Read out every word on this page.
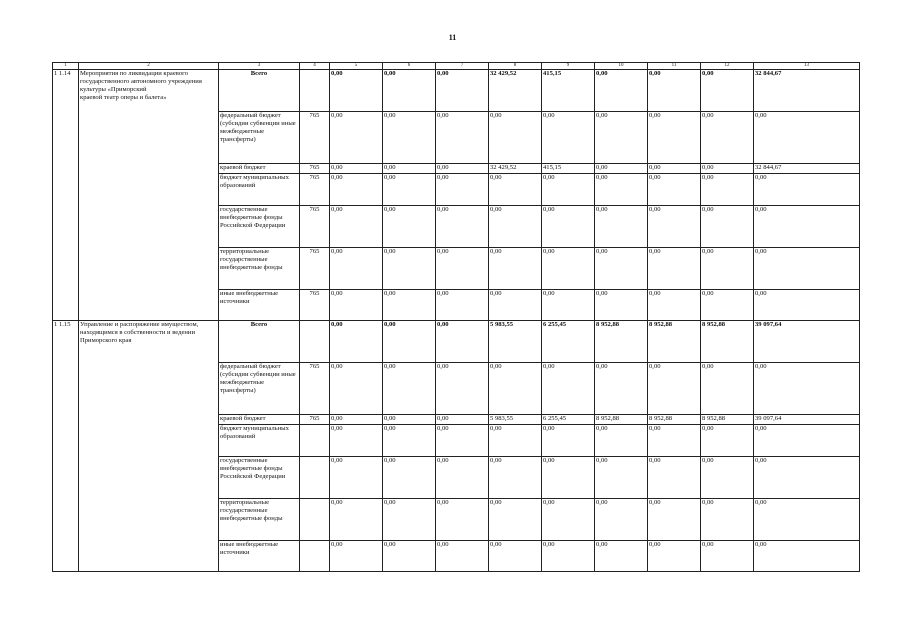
11
1	2	3	4	5	6	7	8	9	10	11	12	13
1 1.14	Мероприятия по ликвидации краевого государственного автономного учреждения культуры «Приморский
краевой театр оперы и балета»	Всего		0,00	0,00	0,00	32 429,52	415,15	0,00	0,00	0,00	32 844,67
		федеральный бюджет (субсидии субвенции иные межбюджетные трансферты)	765	0,00	0,00	0,00	0,00	0,00	0,00	0,00	0,00	0,00
		краевой бюджет	765	0,00	0,00	0,00	32 429,52	415,15	0,00	0,00	0,00	32 844,67
		бюджет муниципальных образований	765	0,00	0,00	0,00	0,00	0,00	0,00	0,00	0,00	0,00
		государственные внебюджетные фонды Российской Федерации	765	0,00	0,00	0,00	0,00	0,00	0,00	0,00	0,00	0,00
		территориальные государственные внебюджетные фонды	765	0,00	0,00	0,00	0,00	0,00	0,00	0,00	0,00	0,00
		иные внебюджетные источники	765	0,00	0,00	0,00	0,00	0,00	0,00	0,00	0,00	0,00
1 1.15	Управление и распоряжение имуществом, находящимся в собственности и ведении Приморского края	Всего		0,00	0,00	0,00	5 983,55	6 255,45	8 952,88	8 952,88	8 952,88	39 097,64
		федеральный бюджет (субсидии субвенции иные межбюджетные трансферты)	765	0,00	0,00	0,00	0,00	0,00	0,00	0,00	0,00	0,00
		краевой бюджет	765	0,00	0,00	0,00	5 983,55	6 255,45	8 952,88	8 952,88	8 952,88	39 097,64
		бюджет муниципальных образований		0,00	0,00	0,00	0,00	0,00	0,00	0,00	0,00	0,00
		государственные внебюджетные фонды Российской Федерации		0,00	0,00	0,00	0,00	0,00	0,00	0,00	0,00	0,00
		территориальные государственные внебюджетные фонды		0,00	0,00	0,00	0,00	0,00	0,00	0,00	0,00	0,00
		иные внебюджетные источники		0,00	0,00	0,00	0,00	0,00	0,00	0,00	0,00	0,00
